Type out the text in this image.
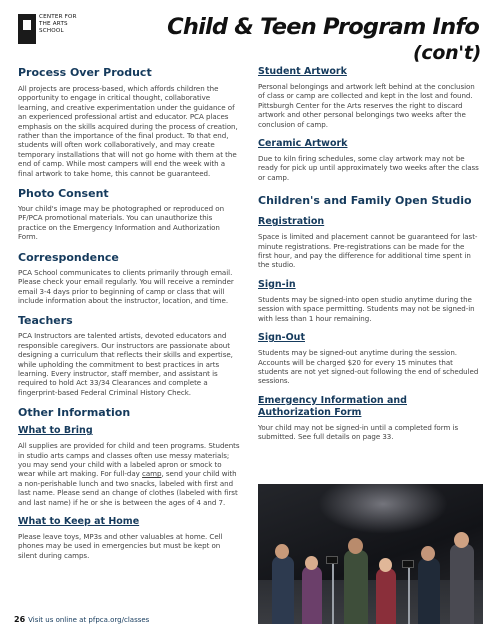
CENTER FOR
THE ARTS
SCHOOL	Child & Teen Program Info
(con't)
Process Over Product
All projects are process-based, which affords children the opportunity to engage in critical thought, collaborative learning, and creative experimentation under the guidance of an experienced professional artist and educator. PCA places emphasis on the skills acquired during the process of creation, rather than the importance of the final product. To that end, students will often work collaboratively, and may create temporary installations that will not go home with them at the end of camp. While most campers will end the week with a final artwork to take home, this cannot be guaranteed.
Photo Consent
Your child's image may be photographed or reproduced on PF/PCA promotional materials. You can unauthorize this practice on the Emergency Information and Authorization Form.
Correspondence
PCA School communicates to clients primarily through email. Please check your email regularly. You will receive a reminder email 3-4 days prior to beginning of camp or class that will include information about the instructor, location, and time.
Teachers
PCA Instructors are talented artists, devoted educators and responsible caregivers. Our instructors are passionate about designing a curriculum that reflects their skills and expertise, while upholding the commitment to best practices in arts learning. Every instructor, staff member, and assistant is required to hold Act 33/34 Clearances and complete a fingerprint-based Federal Criminal History Check.
Other Information
What to Bring
All supplies are provided for child and teen programs. Students in studio arts camps and classes often use messy materials; you may send your child with a labeled apron or smock to wear while art making. For full-day camp, send your child with a non-perishable lunch and two snacks, labeled with first and last name. Please send an change of clothes (labeled with first and last name) if he or she is between the ages of 4 and 7.
What to Keep at Home
Please leave toys, MP3s and other valuables at home. Cell phones may be used in emergencies but must be kept on silent during camps.
Student Artwork
Personal belongings and artwork left behind at the conclusion of class or camp are collected and kept in the lost and found. Pittsburgh Center for the Arts reserves the right to discard artwork and other personal belongings two weeks after the conclusion of camp.
Ceramic Artwork
Due to kiln firing schedules, some clay artwork may not be ready for pick up until approximately two weeks after the class or camp.
Children's and Family Open Studio
Registration
Space is limited and placement cannot be guaranteed for last-minute registrations. Pre-registrations can be made for the first hour, and pay the difference for additional time spent in the studio.
Sign-in
Students may be signed-into open studio anytime during the session with space permitting. Students may not be signed-in with less than 1 hour remaining.
Sign-Out
Students may be signed-out anytime during the session. Accounts will be charged $20 for every 15 minutes that students are not yet signed-out following the end of scheduled sessions.
Emergency Information and Authorization Form
Your child may not be signed-in until a completed form is submitted. See full details on page 33.
26 Visit us online at pfpca.org/classes
